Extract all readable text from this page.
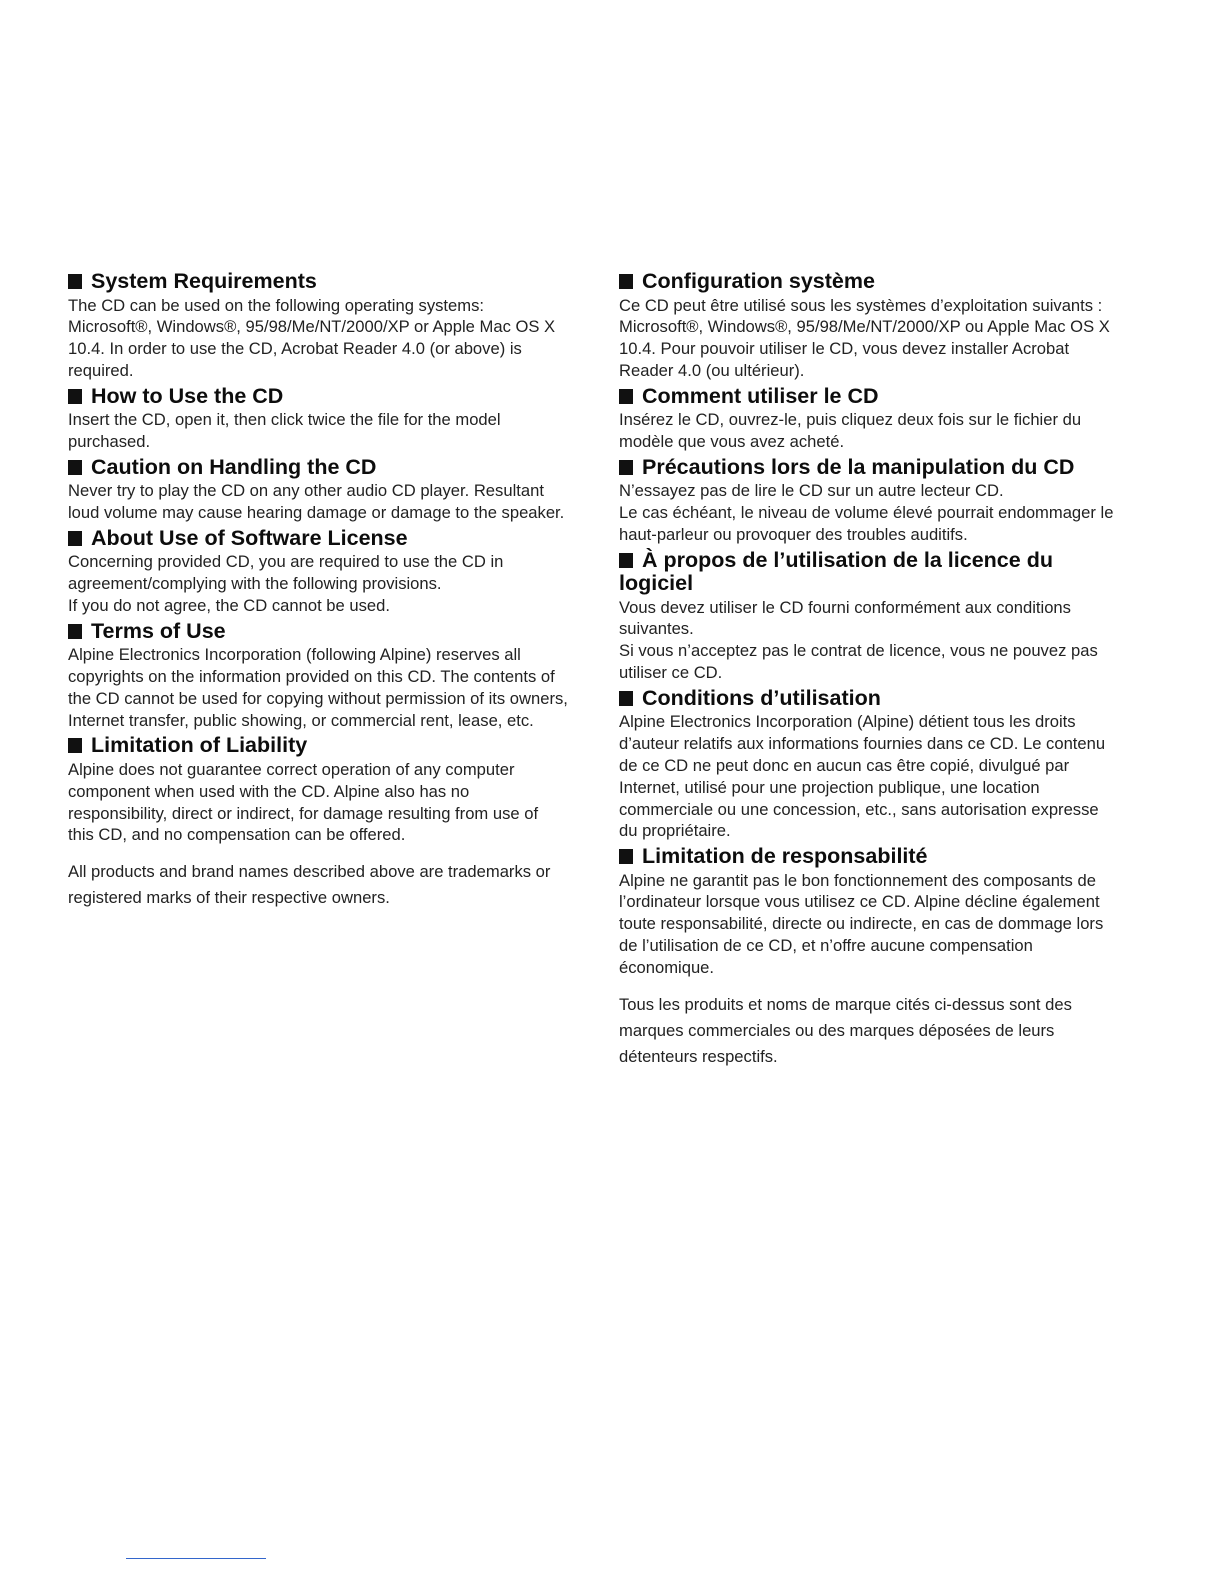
System Requirements

The CD can be used on the following operating systems: Microsoft®, Windows®, 95/98/Me/NT/2000/XP or Apple Mac OS X 10.4. In order to use the CD, Acrobat Reader 4.0 (or above) is required.

How to Use the CD

Insert the CD, open it, then click twice the file for the model purchased.

Caution on Handling the CD

Never try to play the CD on any other audio CD player. Resultant loud volume may cause hearing damage or damage to the speaker.

About Use of Software License

Concerning provided CD, you are required to use the CD in agreement/complying with the following provisions.

If you do not agree, the CD cannot be used.

Terms of Use

Alpine Electronics Incorporation (following Alpine) reserves all copyrights on the information provided on this CD. The contents of the CD cannot be used for copying without permission of its owners, Internet transfer, public showing, or commercial rent, lease, etc.

Limitation of Liability

Alpine does not guarantee correct operation of any computer component when used with the CD. Alpine also has no responsibility, direct or indirect, for damage resulting from use of this CD, and no compensation can be offered.

All products and brand names described above are trademarks or registered marks of their respective owners.

Configuration système

Ce CD peut être utilisé sous les systèmes d’exploitation suivants : Microsoft®, Windows®, 95/98/Me/NT/2000/XP ou Apple Mac OS X 10.4. Pour pouvoir utiliser le CD, vous devez installer Acrobat Reader 4.0 (ou ultérieur).

Comment utiliser le CD

Insérez le CD, ouvrez-le, puis cliquez deux fois sur le fichier du modèle que vous avez acheté.

Précautions lors de la manipulation du CD

N’essayez pas de lire le CD sur un autre lecteur CD.

Le cas échéant, le niveau de volume élevé pourrait endommager le haut-parleur ou provoquer des troubles auditifs.

À propos de l’utilisation de la licence du logiciel

Vous devez utiliser le CD fourni conformément aux conditions suivantes.

Si vous n’acceptez pas le contrat de licence, vous ne pouvez pas utiliser ce CD.

Conditions d’utilisation

Alpine Electronics Incorporation (Alpine) détient tous les droits d’auteur relatifs aux informations fournies dans ce CD. Le contenu de ce CD ne peut donc en aucun cas être copié, divulgué par Internet, utilisé pour une projection publique, une location commerciale ou une concession, etc., sans autorisation expresse du propriétaire.

Limitation de responsabilité

Alpine ne garantit pas le bon fonctionnement des composants de l’ordinateur lorsque vous utilisez ce CD. Alpine décline également toute responsabilité, directe ou indirecte, en cas de dommage lors de l’utilisation de ce CD, et n’offre aucune compensation économique.

Tous les produits et noms de marque cités ci-dessus sont des marques commerciales ou des marques déposées de leurs détenteurs respectifs.
